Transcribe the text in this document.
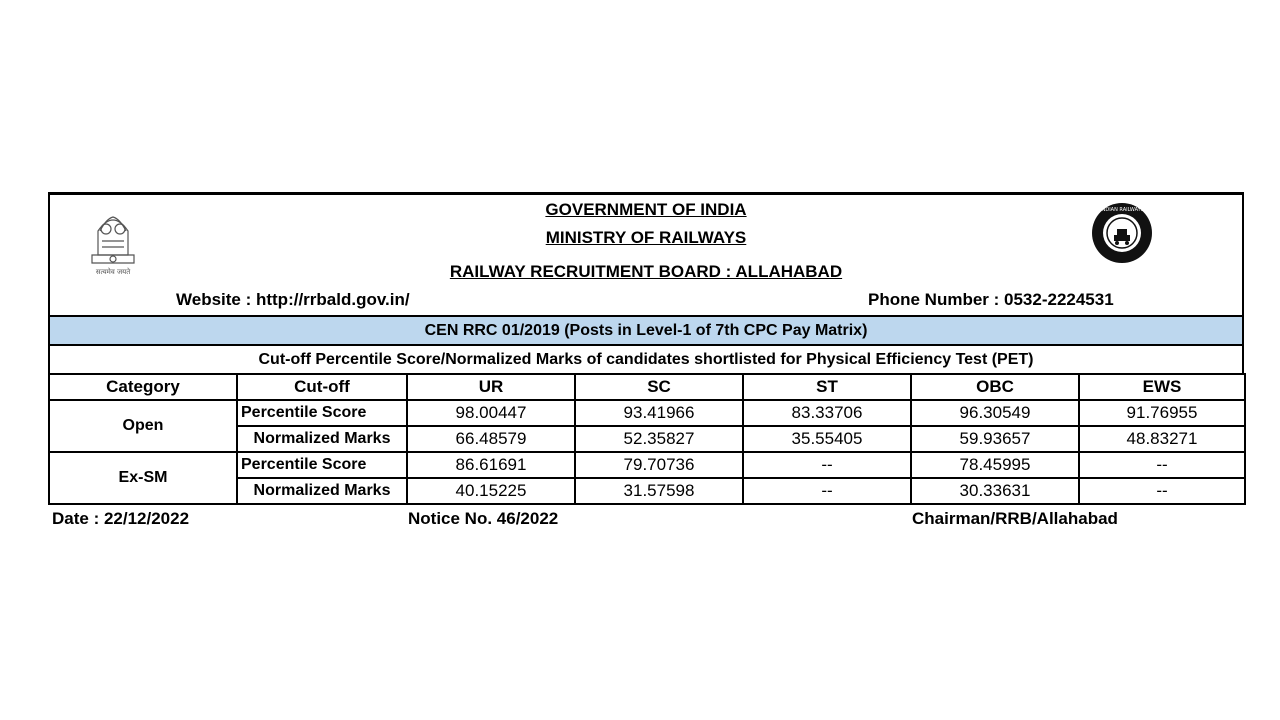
सत्यमेव जयते
GOVERNMENT OF INDIA
MINISTRY OF RAILWAYS
RAILWAY RECRUITMENT BOARD : ALLAHABAD
Website : http://rrbald.gov.in/	Phone Number : 0532-2224531
INDIAN RAILWAYS
CEN RRC 01/2019 (Posts in Level-1 of 7th CPC Pay Matrix)
Cut-off Percentile Score/Normalized Marks of candidates shortlisted for Physical Efficiency Test (PET)
Category	Cut-off	UR	SC	ST	OBC	EWS
Open	Percentile Score	98.00447	93.41966	83.33706	96.30549	91.76955
	Normalized Marks	66.48579	52.35827	35.55405	59.93657	48.83271
Ex-SM	Percentile Score	86.61691	79.70736	--	78.45995	--
	Normalized Marks	40.15225	31.57598	--	30.33631	--
Date : 22/12/2022	Notice No. 46/2022	Chairman/RRB/Allahabad
